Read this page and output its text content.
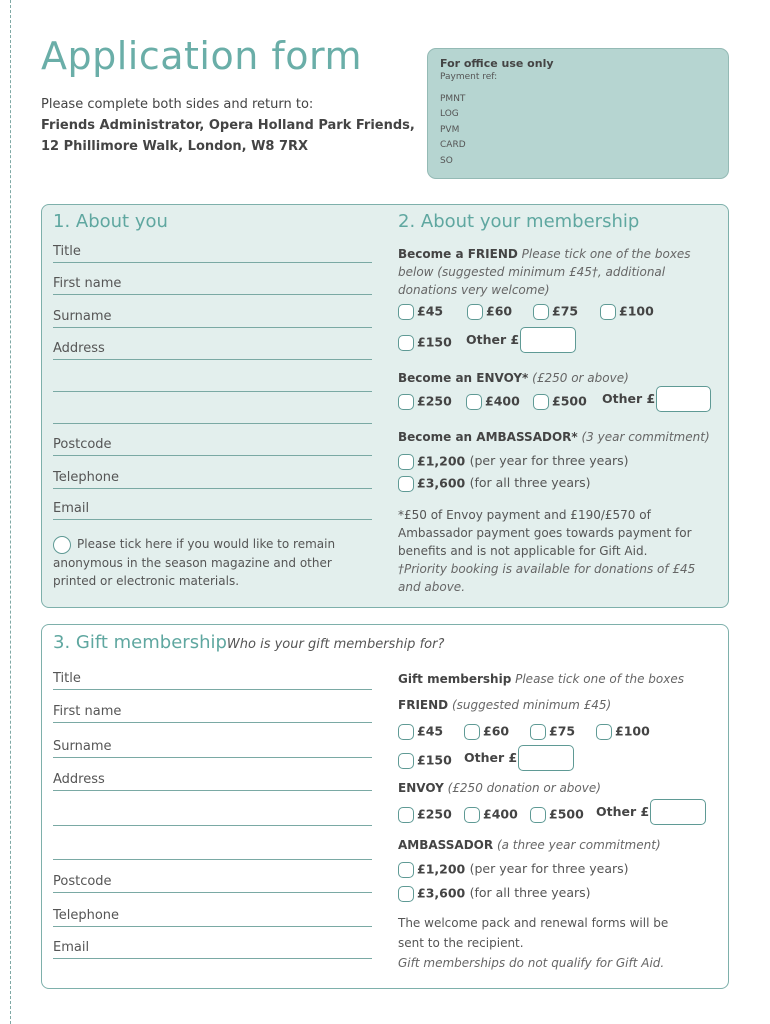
Application form
Please complete both sides and return to:
Friends Administrator, Opera Holland Park Friends,
12 Phillimore Walk, London, W8 7RX
For office use only
Payment ref:
PMNT
LOG
PVM
CARD
SO
1. About you
Title
First name
Surname
Address
Postcode
Telephone
Email
Please tick here if you would like to remain
anonymous in the season magazine and other
printed or electronic materials.
2. About your membership
Become a FRIEND Please tick one of the boxes
below (suggested minimum £45†, additional
donations very welcome)
£45	£60	£75	£100
£150 Other £
Become an ENVOY* (£250 or above)
£250	£400	£500 Other £
Become an AMBASSADOR* (3 year commitment)
£1,200 (per year for three years)
£3,600 (for all three years)
*£50 of Envoy payment and £190/£570 of
Ambassador payment goes towards payment for
benefits and is not applicable for Gift Aid.
†Priority booking is available for donations of £45
and above.
3. Gift membershipWho is your gift membership for?
Title
First name
Surname
Address
Postcode
Telephone
Email
Gift membership Please tick one of the boxes
FRIEND (suggested minimum £45)
£45	£60	£75	£100
£150 Other £
ENVOY (£250 donation or above)
£250	£400	£500 Other £
AMBASSADOR (a three year commitment)
£1,200 (per year for three years)
£3,600 (for all three years)
The welcome pack and renewal forms will be
sent to the recipient.
Gift memberships do not qualify for Gift Aid.
